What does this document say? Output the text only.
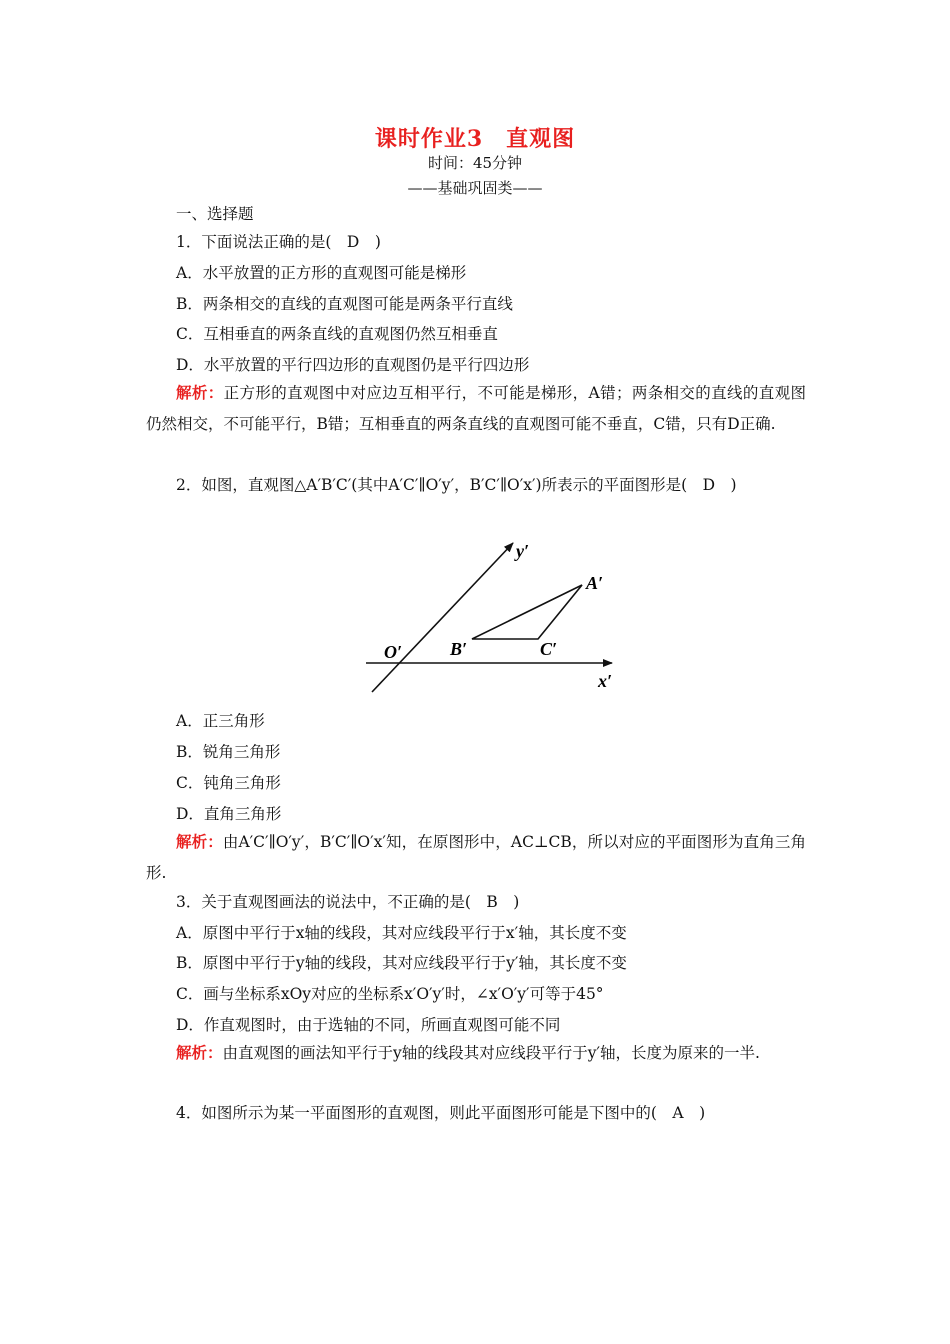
课时作业3　直观图
时间：45分钟
——基础巩固类——
一、选择题
1．下面说法正确的是(　D　)
A．水平放置的正方形的直观图可能是梯形
B．两条相交的直线的直观图可能是两条平行直线
C．互相垂直的两条直线的直观图仍然互相垂直
D．水平放置的平行四边形的直观图仍是平行四边形
解析：正方形的直观图中对应边互相平行，不可能是梯形，A错；两条相交的直线的直观图仍然相交，不可能平行，B错；互相垂直的两条直线的直观图可能不垂直，C错，只有D正确.
2．如图，直观图△A′B′C′(其中A′C′∥O′y′，B′C′∥O′x′)所表示的平面图形是(　D　)
y′
x′
O′
A′
B′	C′
A．正三角形
B．锐角三角形
C．钝角三角形
D．直角三角形
解析：由A′C′∥O′y′，B′C′∥O′x′知，在原图形中，AC⊥CB，所以对应的平面图形为直角三角形.
3．关于直观图画法的说法中，不正确的是(　B　)
A．原图中平行于x轴的线段，其对应线段平行于x′轴，其长度不变
B．原图中平行于y轴的线段，其对应线段平行于y′轴，其长度不变
C．画与坐标系xOy对应的坐标系x′O′y′时，∠x′O′y′可等于45°
D．作直观图时，由于选轴的不同，所画直观图可能不同
解析：由直观图的画法知平行于y轴的线段其对应线段平行于y′轴，长度为原来的一半.
4．如图所示为某一平面图形的直观图，则此平面图形可能是下图中的(　A　)
